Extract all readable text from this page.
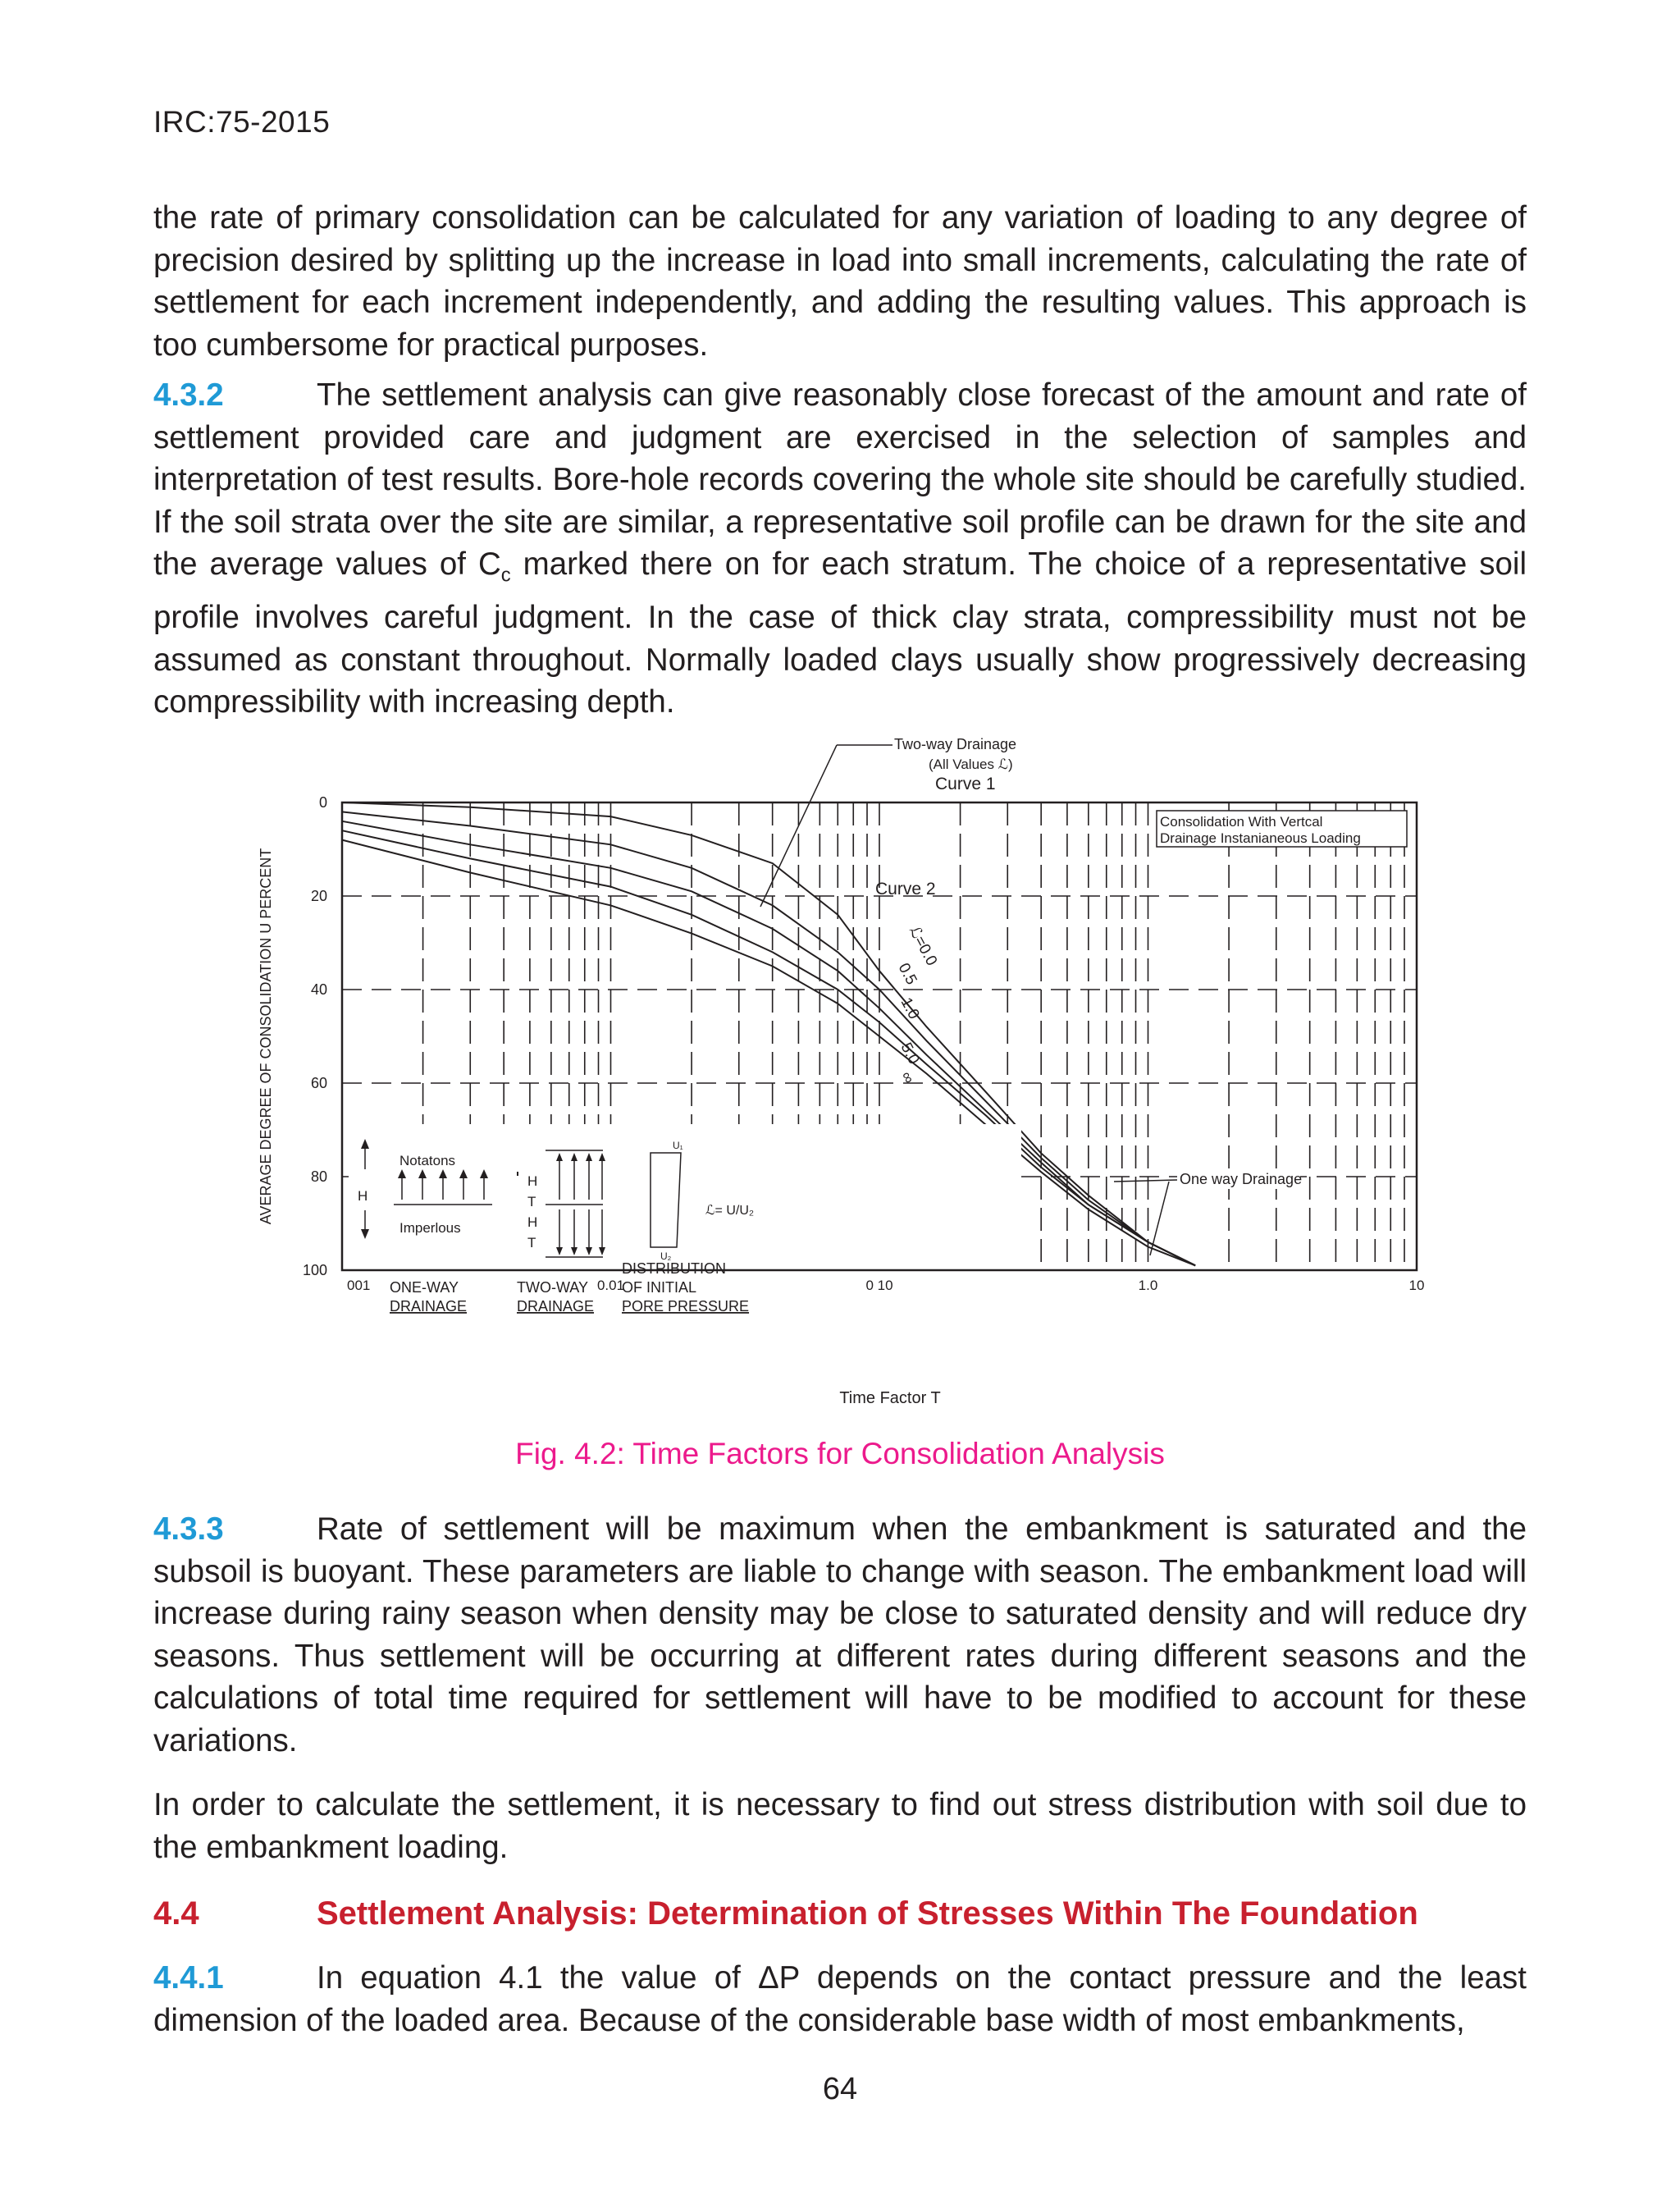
IRC:75-2015

the rate of primary consolidation can be calculated for any variation of loading to any degree of precision desired by splitting up the increase in load into small increments, calculating the rate of settlement for each increment independently, and adding the resulting values. This approach is too cumbersome for practical purposes.

4.3.2	The settlement analysis can give reasonably close forecast of the amount and rate of settlement provided care and judgment are exercised in the selection of samples and interpretation of test results. Bore-hole records covering the whole site should be carefully studied. If the soil strata over the site are similar, a representative soil profile can be drawn for the site and the average values of $C_c$ marked there on for each stratum. The choice of a representative soil profile involves careful judgment. In the case of thick clay strata, compressibility must not be assumed as constant throughout. Normally loaded clays usually show progressively decreasing compressibility with increasing depth.

0
20
40
60
80
100
001	0.01	0 10	1.0	10
AVERAGE DEGREE OF CONSOLIDATION U PERCENT
Time Factor T
Two-way Drainage
(All Values ℒ)
Curve 1
Curve 2
Consolidation With Vertcal
Drainage Instanianeous Loading
ℒ=0.0
0.5
1.0
5.0
∞
One way Drainage
H
Notatons
Imperlous
H
T
H
T
ONE-WAY
DRAINAGE
TWO-WAY
DRAINAGE
U₁
U₂
ℒ= U/U₂
DISTRIBUTION
OF INITIAL
PORE PRESSURE
Fig. 4.2: Time Factors for Consolidation Analysis

4.3.3	Rate of settlement will be maximum when the embankment is saturated and the subsoil is buoyant. These parameters are liable to change with season. The embankment load will increase during rainy season when density may be close to saturated density and will reduce dry seasons. Thus settlement will be occurring at different rates during different seasons and the calculations of total time required for settlement will have to be modified to account for these variations.

In order to calculate the settlement, it is necessary to find out stress distribution with soil due to the embankment loading.

4.4	Settlement Analysis: Determination of Stresses Within The Foundation

4.4.1	In equation 4.1 the value of ΔP depends on the contact pressure and the least dimension of the loaded area. Because of the considerable base width of most embankments,

64
